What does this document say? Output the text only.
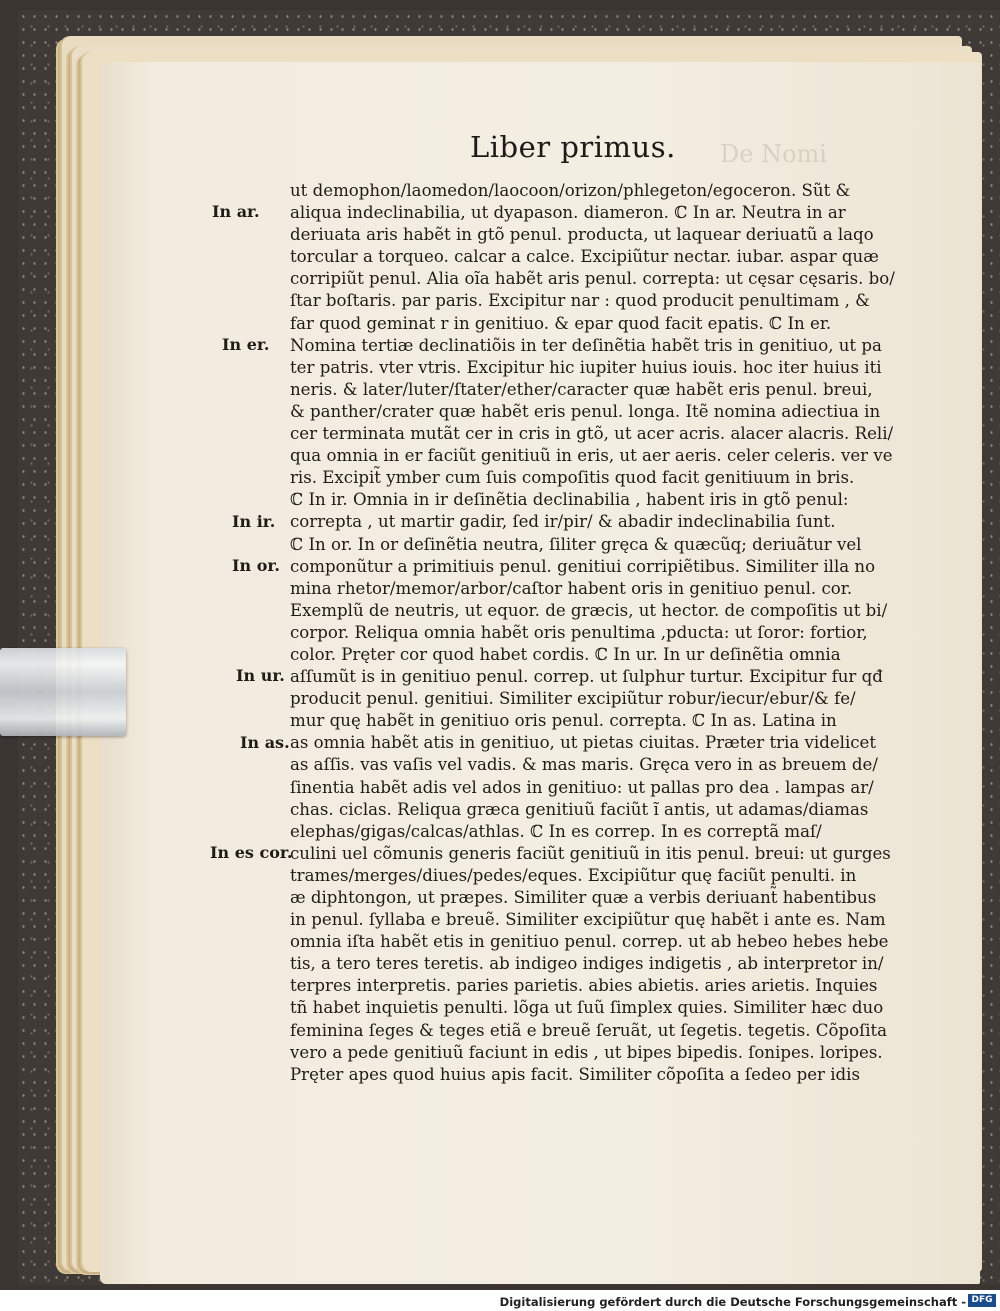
De Nomi
Liber primus.
In ar.
In er.
In ir.
In or.
In ur.
In as.
In es cor.
ut demophon/laomedon/laocoon/orizon/phlegeton/egoceron. Sũt &
aliqua indeclinabilia, ut dyapason. diameron. ℂ In ar. Neutra in ar
deriuata aris habẽt in gtõ penul. producta, ut laquear deriuatũ a laqo
torcular a torqueo. calcar a calce. Excipiũtur nectar. iubar. aspar quæ
corripiũt penul. Alia oĩa habẽt aris penul. correpta: ut cęsar cęsaris. bo/
ſtar boſtaris. par paris. Excipitur nar : quod producit penultimam , &
far quod geminat r in genitiuo. & epar quod facit epatis. ℂ In er.
Nomina tertiæ declinatiõis in ter deſinẽtia habẽt tris in genitiuo, ut pa
ter patris. vter vtris. Excipitur hic iupiter huius iouis. hoc iter huius iti
neris. & later/luter/ſtater/ether/caracter quæ habẽt eris penul. breui,
& panther/crater quæ habẽt eris penul. longa. Itẽ nomina adiectiua in
cer terminata mutãt cer in cris in gtõ, ut acer acris. alacer alacris. Reli/
qua omnia in er faciũt genitiuũ in eris, ut aer aeris. celer celeris. ver ve
ris. Excipit̃ ymber cum ſuis compoſitis quod facit genitiuum in bris.
ℂ In ir. Omnia in ir deſinẽtia declinabilia , habent iris in gtõ penul:
correpta , ut martir gadir, ſed ir/pir/ & abadir indeclinabilia ſunt.
ℂ In or. In or deſinẽtia neutra, ſiliter gręca & quæcũq; deriuãtur vel
componũtur a primitiuis penul. genitiui corripiẽtibus. Similiter illa no
mina rhetor/memor/arbor/caſtor habent oris in genitiuo penul. cor.
Exemplũ de neutris, ut equor. de græcis, ut hector. de compoſitis ut bi/
corpor. Reliqua omnia habẽt oris penultima ,pducta: ut ſoror: fortior,
color. Pręter cor quod habet cordis. ℂ In ur. In ur deſinẽtia omnia
aſſumũt is in genitiuo penul. correp. ut ſulphur turtur. Excipitur fur qđ
producit penul. genitiui. Similiter excipiũtur robur/iecur/ebur/& fe/
mur quę habẽt in genitiuo oris penul. correpta. ℂ In as. Latina in
as omnia habẽt atis in genitiuo, ut pietas ciuitas. Præter tria videlicet
as aſſis. vas vaſis vel vadis. & mas maris. Gręca vero in as breuem de/
ſinentia habẽt adis vel ados in genitiuo: ut pallas pro dea . lampas ar/
chas. ciclas. Reliqua græca genitiuũ faciũt ĩ antis, ut adamas/diamas
elephas/gigas/calcas/athlas. ℂ In es correp. In es correptã maſ/
culini uel cõmunis generis faciũt genitiuũ in itis penul. breui: ut gurges
trames/merges/diues/pedes/eques. Excipiũtur quę faciũt penulti. in
æ diphtongon, ut præpes. Similiter quæ a verbis deriuant̃ habentibus
in penul. ſyllaba e breuẽ. Similiter excipiũtur quę habẽt i ante es. Nam
omnia iſta habẽt etis in genitiuo penul. correp. ut ab hebeo hebes hebe
tis, a tero teres teretis. ab indigeo indiges indigetis , ab interpretor in/
terpres interpretis. paries parietis. abies abietis. aries arietis. Inquies
tñ habet inquietis penulti. lõga ut ſuũ ſimplex quies. Similiter hæc duo
feminina ſeges & teges etiã e breuẽ ſeruãt, ut ſegetis. tegetis. Cõpoſita
vero a pede genitiuũ faciunt in edis , ut bipes bipedis. ſonipes. loripes.
Pręter apes quod huius apis facit. Similiter cõpoſita a ſedeo per idis
Digitalisierung gefördert durch die Deutsche Forschungsgemeinschaft - DFG
